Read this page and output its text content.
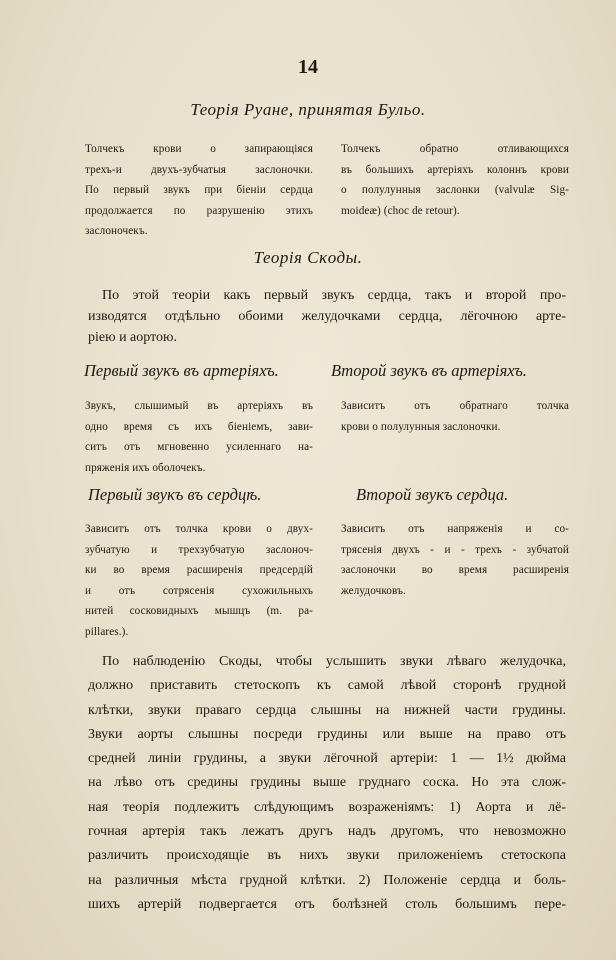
14
Теорія Руане, принятая Бульо.
Толчекъ крови о запирающіяся
трехъ-и двухъ-зубчатыя заслоночки.
По первый звукъ при біеніи сердца
продолжается по разрушенію этихъ
заслоночекъ.
Толчекъ обратно отливающихся
въ большихъ артеріяхъ колоннъ крови
о полулунныя заслонки (valvulæ Sig-
moideæ) (choc de retour).
Теорія Сκоды.
По этой теоріи какъ первый звукъ сердца, такъ и второй про-
изводятся отдѣльно обоими желудочками сердца, лёгочною арте-
ріею и аортою.
Первый звукъ въ артеріяхъ.	Второй звукъ въ артеріяхъ.
Звукъ, слышимый въ артеріяхъ въ
одно время съ ихъ біеніемъ, зави-
ситъ отъ мгновенно усиленнаго на-
пряженія ихъ оболочекъ.
Зависитъ отъ обратнаго толчка
крови о полулунныя заслоночки.
Первый звукъ въ сердцѣ.	Второй звукъ сердца.
Зависитъ отъ толчка крови о двух-
зубчатую и трехзубчатую заслоноч-
ки во время расширенія предсердій
и отъ сотрясенія сухожильныхъ
нитей сосковидныхъ мышцъ (m. pa-
pillares.).
Зависитъ отъ напряженія и со-
трясенія двухъ - и - трехъ - зубчатой
заслоночки во время расширенія
желудочковъ.
По наблюденію Сκоды, чтобы услышить звуки лѣваго желудочка,
должно приставить стетоскопъ къ самой лѣвой сторонѣ грудной
клѣтки, звуки праваго сердца слышны на нижней части грудины.
Звуки аорты слышны посреди грудины или выше на право отъ
средней линіи грудины, а звуки лёгочной артеріи: 1 — 1½ дюйма
на лѣво отъ средины грудины выше груднаго соска. Но эта слож-
ная теорія подлежитъ слѣдующимъ возраженіямъ: 1) Аорта и лё-
гочная артерія такъ лежатъ другъ надъ другомъ, что невозможно
различить происходящіе въ нихъ звуки приложеніемъ стетоскопа
на различныя мѣста грудной клѣтки. 2) Положеніе сердца и боль-
шихъ артерій подвергается отъ болѣзней столь большимъ пере-
